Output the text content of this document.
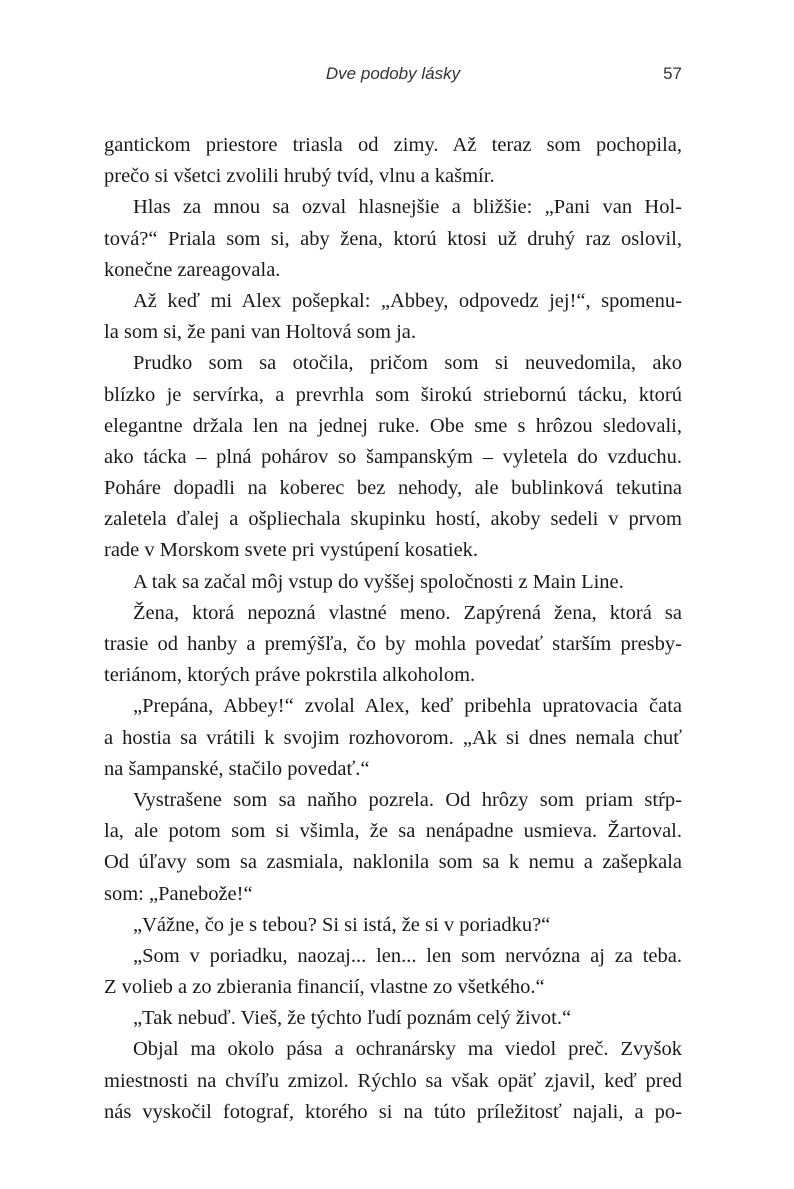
Dve podoby lásky	57
gantickom priestore triasla od zimy. Až teraz som pochopila,
prečo si všetci zvolili hrubý tvíd, vlnu a kašmír.
Hlas za mnou sa ozval hlasnejšie a bližšie: „Pani van Hol-
tová?“ Priala som si, aby žena, ktorú ktosi už druhý raz oslovil,
konečne zareagovala.
Až keď mi Alex pošepkal: „Abbey, odpovedz jej!“, spomenu-
la som si, že pani van Holtová som ja.
Prudko som sa otočila, pričom som si neuvedomila, ako
blízko je servírka, a prevrhla som širokú striebornú tácku, ktorú
elegantne držala len na jednej ruke. Obe sme s hrôzou sledovali,
ako tácka – plná pohárov so šampanským – vyletela do vzduchu.
Poháre dopadli na koberec bez nehody, ale bublinková tekutina
zaletela ďalej a ošpliechala skupinku hostí, akoby sedeli v prvom
rade v Morskom svete pri vystúpení kosatiek.
A tak sa začal môj vstup do vyššej spoločnosti z Main Line.
Žena, ktorá nepozná vlastné meno. Zapýrená žena, ktorá sa
trasie od hanby a premýšľa, čo by mohla povedať starším presby-
teriánom, ktorých práve pokrstila alkoholom.
„Prepána, Abbey!“ zvolal Alex, keď pribehla upratovacia čata
a hostia sa vrátili k svojim rozhovorom. „Ak si dnes nemala chuť
na šampanské, stačilo povedať.“
Vystrašene som sa naňho pozrela. Od hrôzy som priam stŕp-
la, ale potom som si všimla, že sa nenápadne usmieva. Žartoval.
Od úľavy som sa zasmiala, naklonila som sa k nemu a zašepkala
som: „Panebože!“
„Vážne, čo je s tebou? Si si istá, že si v poriadku?“
„Som v poriadku, naozaj... len... len som nervózna aj za teba.
Z volieb a zo zbierania financií, vlastne zo všetkého.“
„Tak nebuď. Vieš, že týchto ľudí poznám celý život.“
Objal ma okolo pása a ochranársky ma viedol preč. Zvyšok
miestnosti na chvíľu zmizol. Rýchlo sa však opäť zjavil, keď pred
nás vyskočil fotograf, ktorého si na túto príležitosť najali, a po-
